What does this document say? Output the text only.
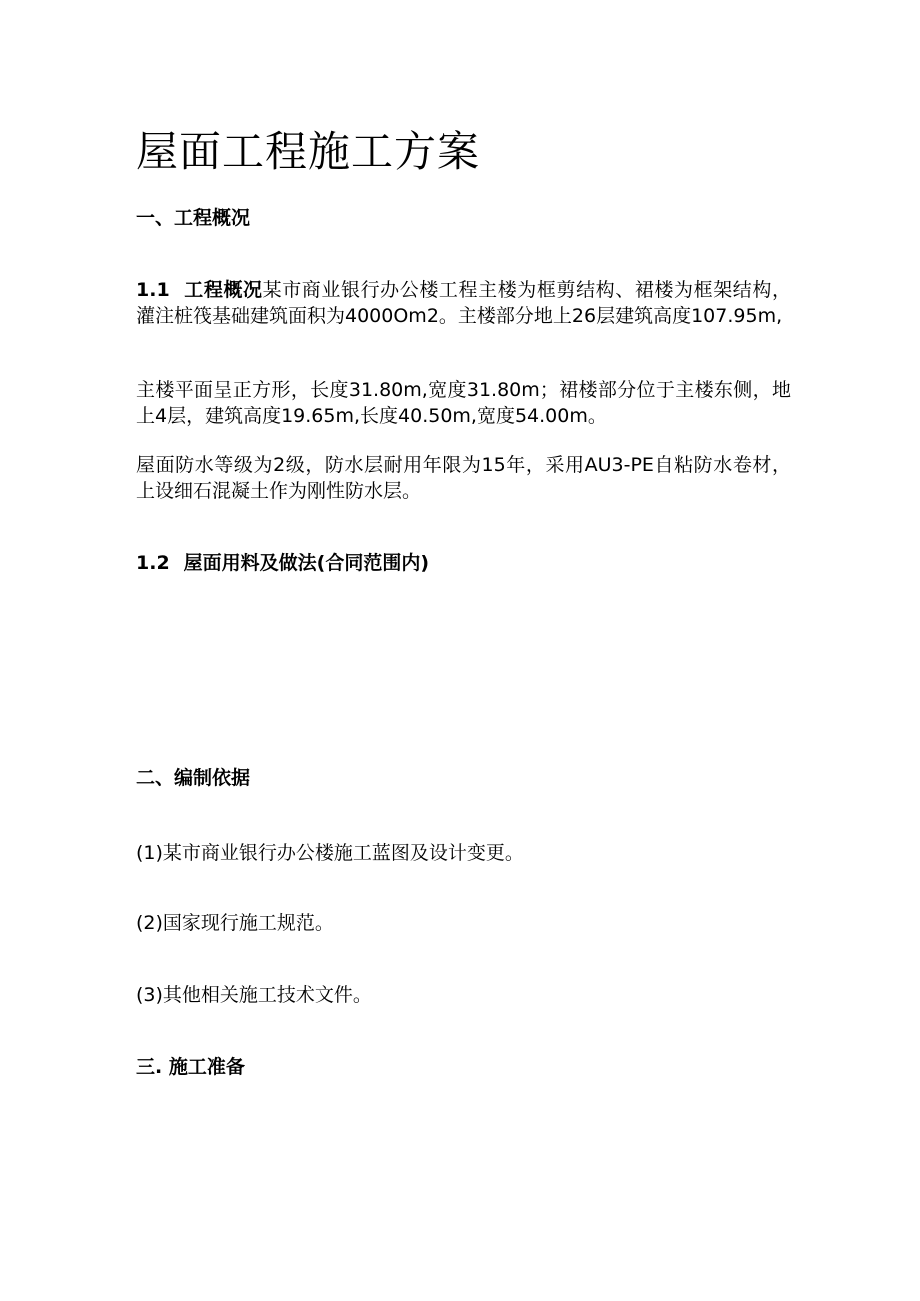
屋面工程施工方案
一、工程概况

1.1 工程概况某市商业银行办公楼工程主楼为框剪结构、裙楼为框架结构，灌注桩筏基础建筑面积为4000Om2。主楼部分地上26层建筑高度107.95m,

主楼平面呈正方形，长度31.80m,宽度31.80m；裙楼部分位于主楼东侧，地上4层，建筑高度19.65m,长度40.50m,宽度54.00m。

屋面防水等级为2级，防水层耐用年限为15年，采用AU3-PE自粘防水卷材，上设细石混凝土作为刚性防水层。

1.2 屋面用料及做法(合同范围内)
二、编制依据

(1)某市商业银行办公楼施工蓝图及设计变更。

(2)国家现行施工规范。

(3)其他相关施工技术文件。

三. 施工准备
